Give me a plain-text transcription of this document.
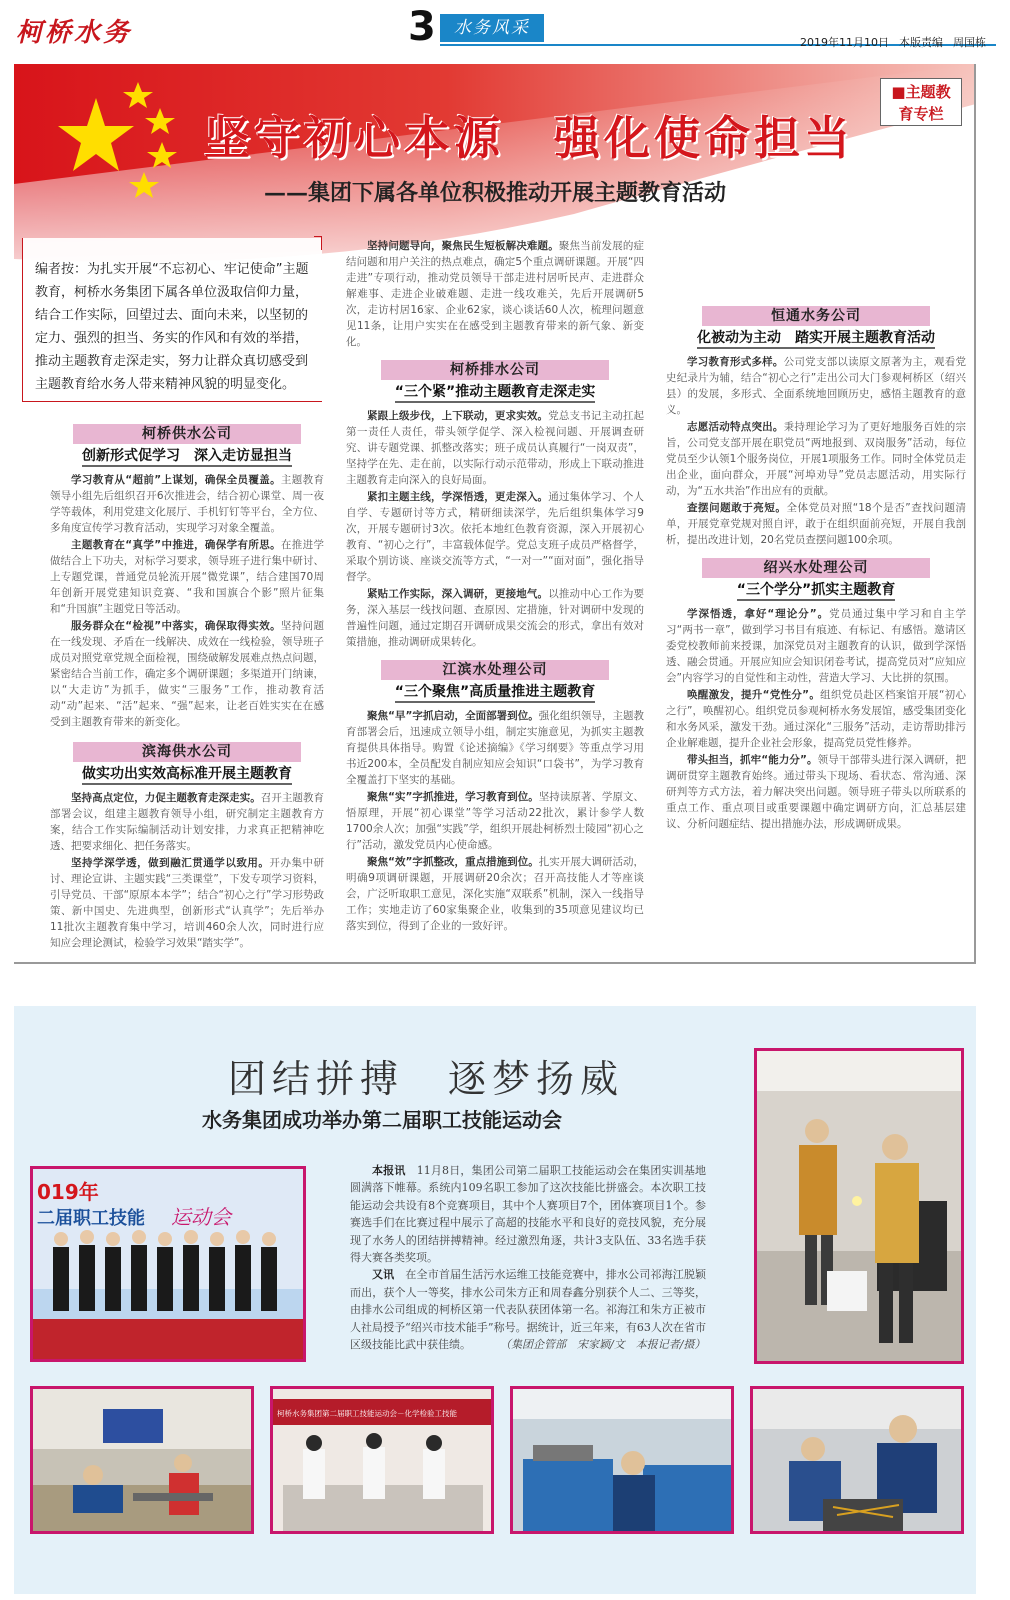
柯桥水务	3	水务风采
2019年11月10日 本版责编 周国栋
坚守初心本源　强化使命担当
——集团下属各单位积极推动开展主题教育活动
■主题教
育专栏
编者按：为扎实开展“不忘初心、牢记使命”主题教育，柯桥水务集团下属各单位汲取信仰力量，结合工作实际，回望过去、面向未来，以坚韧的定力、强烈的担当、务实的作风和有效的举措，推动主题教育走深走实，努力让群众真切感受到主题教育给水务人带来精神风貌的明显变化。
柯桥供水公司
创新形式促学习　深入走访显担当

学习教育从“超前”上谋划，确保全员覆盖。主题教育领导小组先后组织召开6次推进会，结合初心课堂、周一夜学等载体，利用党建文化展厅、手机钉钉等平台，全方位、多角度宣传学习教育活动，实现学习对象全覆盖。

主题教育在“真学”中推进，确保学有所思。在推进学做结合上下功夫，对标学习要求，领导班子进行集中研讨、上专题党课，普通党员轮流开展“微党课”，结合建国70周年创新开展党建知识竞赛、“我和国旗合个影”照片征集和“升国旗”主题党日等活动。

服务群众在“检视”中落实，确保取得实效。坚持问题在一线发现、矛盾在一线解决、成效在一线检验，领导班子成员对照党章党规全面检视，围绕破解发展难点热点问题，紧密结合当前工作，确定多个调研课题；多渠道开门纳谏，以“大走访”为抓手，做实“三服务”工作，推动教育活动“动”起来、“活”起来、“强”起来，让老百姓实实在在感受到主题教育带来的新变化。

滨海供水公司
做实功出实效高标准开展主题教育

坚持高点定位，力促主题教育走深走实。召开主题教育部署会议，组建主题教育领导小组，研究制定主题教育方案，结合工作实际编制活动计划安排，力求真正把精神吃透、把要求细化、把任务落实。

坚持学深学透，做到融汇贯通学以致用。开办集中研讨、理论宣讲、主题实践“三类课堂”，下发专项学习资料，引导党员、干部“原原本本学”；结合“初心之行”学习形势政策、新中国史、先进典型，创新形式“认真学”；先后举办11批次主题教育集中学习，培训460余人次，同时进行应知应会理论测试，检验学习效果“踏实学”。

坚持问题导向，聚焦民生短板解决难题。聚焦当前发展的症结问题和用户关注的热点难点，确定5个重点调研课题。开展“四走进”专项行动，推动党员领导干部走进村居听民声、走进群众解难事、走进企业破难题、走进一线攻难关，先后开展调研5次，走访村居16家、企业62家，谈心谈话60人次，梳理问题意见11条，让用户实实在在感受到主题教育带来的新气象、新变化。

柯桥排水公司
“三个紧”推动主题教育走深走实

紧跟上级步伐，上下联动，更求实效。党总支书记主动扛起第一责任人责任，带头领学促学、深入检视问题、开展调查研究、讲专题党课、抓整改落实；班子成员认真履行“一岗双责”，坚持学在先、走在前，以实际行动示范带动，形成上下联动推进主题教育走向深入的良好局面。

紧扣主题主线，学深悟透，更走深入。通过集体学习、个人自学、专题研讨等方式，精研细读深学，先后组织集体学习9次，开展专题研讨3次。依托本地红色教育资源，深入开展初心教育、“初心之行”，丰富载体促学。党总支班子成员严格督学，采取个别访谈、座谈交流等方式，“一对一”“面对面”，强化指导督学。

紧贴工作实际，深入调研，更接地气。以推动中心工作为要务，深入基层一线找问题、查原因、定措施，针对调研中发现的普遍性问题，通过定期召开调研成果交流会的形式，拿出有效对策措施，推动调研成果转化。

江滨水处理公司
“三个聚焦”高质量推进主题教育

聚焦“早”字抓启动，全面部署到位。强化组织领导，主题教育部署会后，迅速成立领导小组，制定实施意见，为抓实主题教育提供具体指导。购置《论述摘编》《学习纲要》等重点学习用书近200本，全员配发自制应知应会知识“口袋书”，为学习教育全覆盖打下坚实的基础。

聚焦“实”字抓推进，学习教育到位。坚持读原著、学原文、悟原理，开展“初心课堂”等学习活动22批次，累计参学人数1700余人次；加强“实践”学，组织开展赴柯桥烈士陵园“初心之行”活动，激发党员内心使命感。

聚焦“效”字抓整改，重点措施到位。扎实开展大调研活动，明确9项调研课题，开展调研20余次；召开高技能人才等座谈会，广泛听取职工意见，深化实施“双联系”机制，深入一线指导工作；实地走访了60家集聚企业，收集到的35项意见建议均已落实到位，得到了企业的一致好评。

恒通水务公司
化被动为主动　踏实开展主题教育活动

学习教育形式多样。公司党支部以读原文原著为主，观看党史纪录片为辅，结合“初心之行”走出公司大门参观柯桥区（绍兴县）的发展，多形式、全面系统地回顾历史，感悟主题教育的意义。

志愿活动特点突出。秉持理论学习为了更好地服务百姓的宗旨，公司党支部开展在职党员“两地报到、双岗服务”活动，每位党员至少认领1个服务岗位，开展1项服务工作。同时全体党员走出企业，面向群众，开展“河埠劝导”党员志愿活动，用实际行动，为“五水共治”作出应有的贡献。

查摆问题敢于亮短。全体党员对照“18个是否”查找问题清单，开展党章党规对照自评，敢于在组织面前亮短，开展自我剖析，提出改进计划，20名党员查摆问题100余项。

绍兴水处理公司
“三个学分”抓实主题教育

学深悟透，拿好“理论分”。党员通过集中学习和自主学习“两书一章”，做到学习书目有痕迹、有标记、有感悟。邀请区委党校教师前来授课，加深党员对主题教育的认识，做到学深悟透、融会贯通。开展应知应会知识闭卷考试，提高党员对“应知应会”内容学习的自觉性和主动性，营造大学习、大比拼的氛围。

唤醒激发，提升“党性分”。组织党员赴区档案馆开展“初心之行”，唤醒初心。组织党员参观柯桥水务发展馆，感受集团变化和水务风采，激发干劲。通过深化“三服务”活动，走访帮助排污企业解难题，提升企业社会形象，提高党员党性修养。

带头担当，抓牢“能力分”。领导干部带头进行深入调研，把调研贯穿主题教育始终。通过带头下现场、看状态、常沟通、深研判等方式方法，着力解决突出问题。领导班子带头以所联系的重点工作、重点项目或重要课题中确定调研方向，汇总基层建议、分析问题症结、提出措施办法，形成调研成果。

团结拼搏　逐梦扬威
水务集团成功举办第二届职工技能运动会

本报讯　11月8日，集团公司第二届职工技能运动会在集团实训基地圆满落下帷幕。系统内109名职工参加了这次技能比拼盛会。本次职工技能运动会共设有8个竞赛项目，其中个人赛项目7个，团体赛项目1个。参赛选手们在比赛过程中展示了高超的技能水平和良好的竞技风貌，充分展现了水务人的团结拼搏精神。经过激烈角逐，共计3支队伍、33名选手获得大赛各类奖项。

又讯　在全市首届生活污水运维工技能竞赛中，排水公司祁海江脱颖而出，获个人一等奖，排水公司朱方正和周春鑫分别获个人二、三等奖，由排水公司组成的柯桥区第一代表队获团体第一名。祁海江和朱方正被市人社局授予“绍兴市技术能手”称号。据统计，近三年来，有63人次在省市区级技能比武中获佳绩。	（集团企管部　宋家颖/文　本报记者/摄）
019年
二届职工技能 运动会
柯桥水务集团第二届职工技能运动会－化学检验工技能
